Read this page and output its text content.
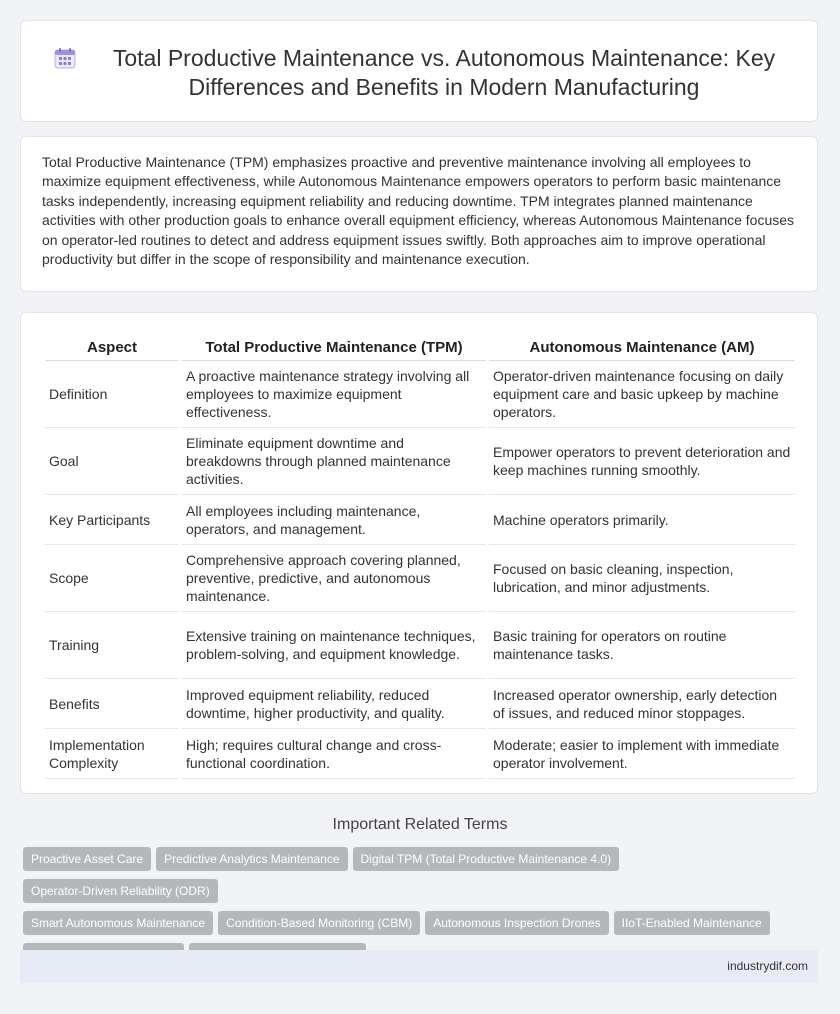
Total Productive Maintenance vs. Autonomous Maintenance: Key Differences and Benefits in Modern Manufacturing

Total Productive Maintenance (TPM) emphasizes proactive and preventive maintenance involving all employees to maximize equipment effectiveness, while Autonomous Maintenance empowers operators to perform basic maintenance tasks independently, increasing equipment reliability and reducing downtime. TPM integrates planned maintenance activities with other production goals to enhance overall equipment efficiency, whereas Autonomous Maintenance focuses on operator-led routines to detect and address equipment issues swiftly. Both approaches aim to improve operational productivity but differ in the scope of responsibility and maintenance execution.

Aspect	Total Productive Maintenance (TPM)	Autonomous Maintenance (AM)
Definition	A proactive maintenance strategy involving all employees to maximize equipment effectiveness.	Operator-driven maintenance focusing on daily equipment care and basic upkeep by machine operators.
Goal	Eliminate equipment downtime and breakdowns through planned maintenance activities.	Empower operators to prevent deterioration and keep machines running smoothly.
Key Participants	All employees including maintenance, operators, and management.	Machine operators primarily.
Scope	Comprehensive approach covering planned, preventive, predictive, and autonomous maintenance.	Focused on basic cleaning, inspection, lubrication, and minor adjustments.
Training	Extensive training on maintenance techniques, problem-solving, and equipment knowledge.	Basic training for operators on routine maintenance tasks.
Benefits	Improved equipment reliability, reduced downtime, higher productivity, and quality.	Increased operator ownership, early detection of issues, and reduced minor stoppages.
Implementation Complexity	High; requires cultural change and cross-functional coordination.	Moderate; easier to implement with immediate operator involvement.
Important Related Terms
Proactive Asset Care Predictive Analytics Maintenance Digital TPM (Total Productive Maintenance 4.0)Operator-Driven Reliability (ODR)
Smart Autonomous Maintenance Condition-Based Monitoring (CBM) Autonomous Inspection Drones IIoT-Enabled Maintenance

industrydif.com
